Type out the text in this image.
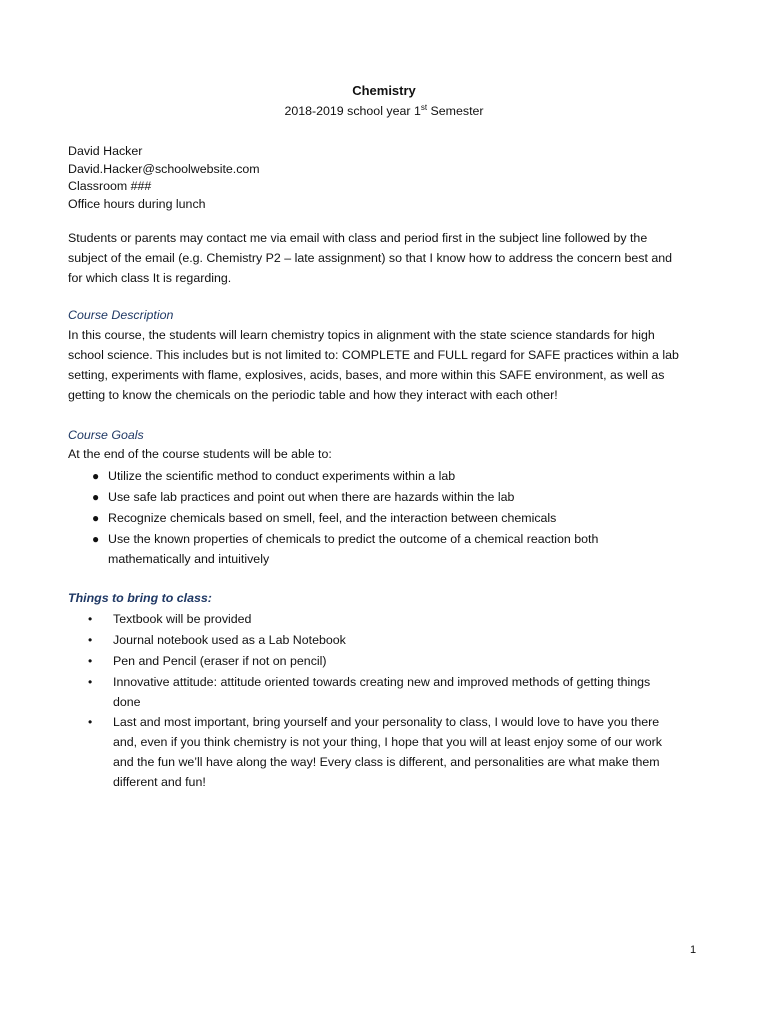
Chemistry
2018-2019 school year 1st Semester
David Hacker
David.Hacker@schoolwebsite.com
Classroom ###
Office hours during lunch
Students or parents may contact me via email with class and period first in the subject line followed by the
subject of the email (e.g. Chemistry P2 – late assignment) so that I know how to address the concern best and
for which class It is regarding.
Course Description
In this course, the students will learn chemistry topics in alignment with the state science standards for high
school science. This includes but is not limited to: COMPLETE and FULL regard for SAFE practices within a lab
setting, experiments with flame, explosives, acids, bases, and more within this SAFE environment, as well as
getting to know the chemicals on the periodic table and how they interact with each other!
Course Goals
At the end of the course students will be able to:
● Utilize the scientific method to conduct experiments within a lab
● Use safe lab practices and point out when there are hazards within the lab
● Recognize chemicals based on smell, feel, and the interaction between chemicals
● Use the known properties of chemicals to predict the outcome of a chemical reaction both
mathematically and intuitively
Things to bring to class:
• Textbook will be provided
• Journal notebook used as a Lab Notebook
• Pen and Pencil (eraser if not on pencil)
• Innovative attitude: attitude oriented towards creating new and improved methods of getting things
done
• Last and most important, bring yourself and your personality to class, I would love to have you there
and, even if you think chemistry is not your thing, I hope that you will at least enjoy some of our work
and the fun we’ll have along the way! Every class is different, and personalities are what make them
different and fun!
1
